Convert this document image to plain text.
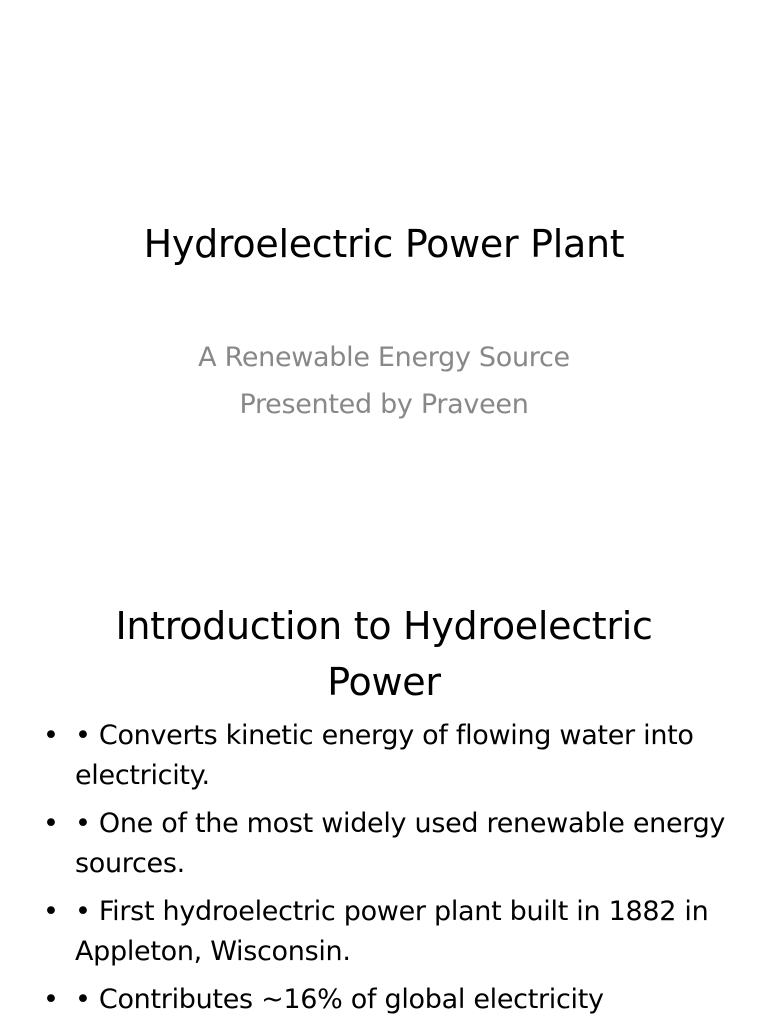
Hydroelectric Power Plant
A Renewable Energy Source
Presented by Praveen
Introduction to Hydroelectric Power
• • Converts kinetic energy of flowing water into electricity.
• • One of the most widely used renewable energy sources.
• • First hydroelectric power plant built in 1882 in Appleton, Wisconsin.
• • Contributes ~16% of global electricity
